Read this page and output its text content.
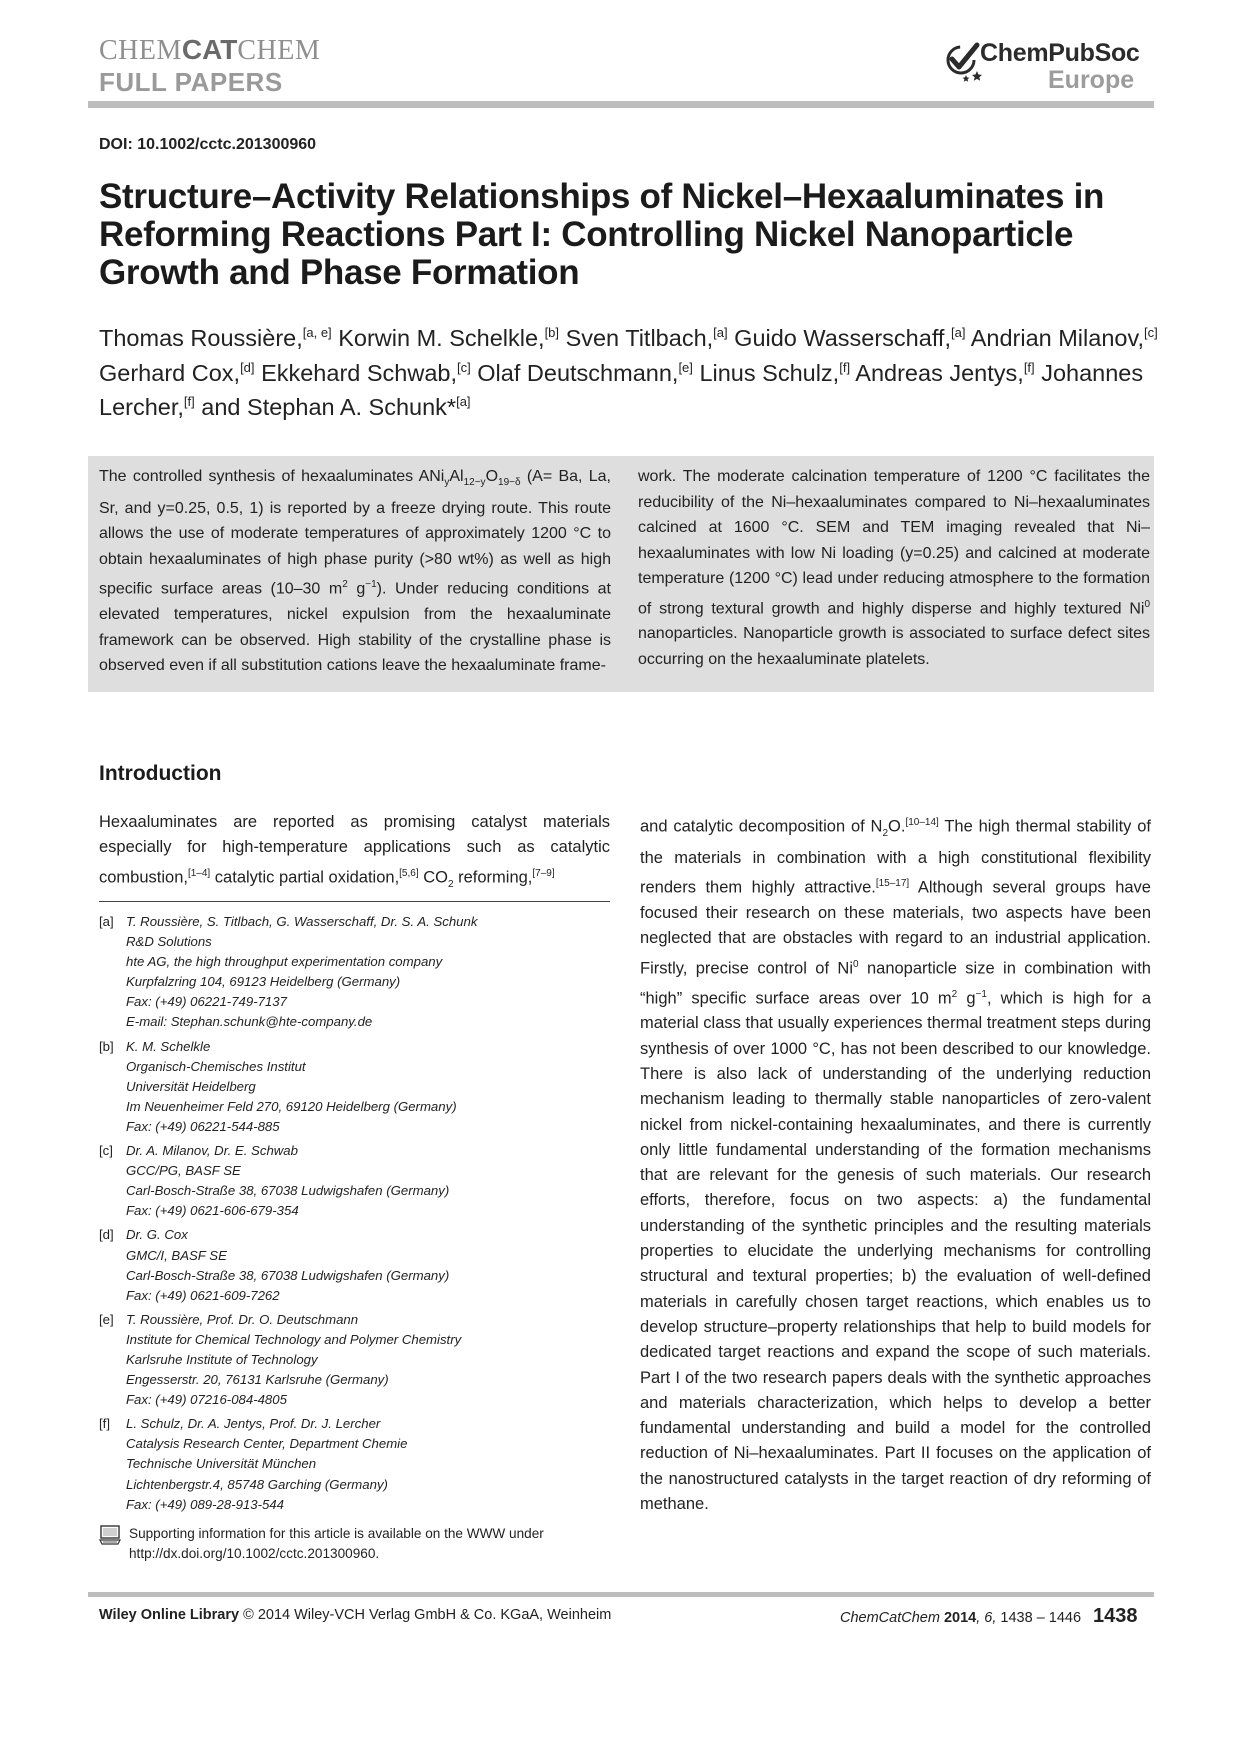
CHEMCATCHEM
FULL PAPERS
ChemPubSoc
Europe
DOI: 10.1002/cctc.201300960
Structure–Activity Relationships of Nickel–Hexaaluminates in Reforming Reactions Part I: Controlling Nickel Nanoparticle Growth and Phase Formation
Thomas Roussière,[a, e] Korwin M. Schelkle,[b] Sven Titlbach,[a] Guido Wasserschaff,[a] Andrian Milanov,[c] Gerhard Cox,[d] Ekkehard Schwab,[c] Olaf Deutschmann,[e] Linus Schulz,[f] Andreas Jentys,[f] Johannes Lercher,[f] and Stephan A. Schunk*[a]
The controlled synthesis of hexaaluminates $ANi_yAl_{12-y}O_{19-\delta}$ (A= Ba, La, Sr, and y=0.25, 0.5, 1) is reported by a freeze drying route. This route allows the use of moderate temperatures of approximately 1200 °C to obtain hexaaluminates of high phase purity (>80 wt%) as well as high specific surface areas (10–30 $m^2$ $g^{-1}$). Under reducing conditions at elevated temperatures, nickel expulsion from the hexaaluminate framework can be observed. High stability of the crystalline phase is observed even if all substitution cations leave the hexaaluminate frame-
work. The moderate calcination temperature of 1200 °C facilitates the reducibility of the Ni–hexaaluminates compared to Ni–hexaaluminates calcined at 1600 °C. SEM and TEM imaging revealed that Ni–hexaaluminates with low Ni loading (y=0.25) and calcined at moderate temperature (1200 °C) lead under reducing atmosphere to the formation of strong textural growth and highly disperse and highly textured Ni$^0$ nanoparticles. Nanoparticle growth is associated to surface defect sites occurring on the hexaaluminate platelets.
Introduction
Hexaaluminates are reported as promising catalyst materials especially for high-temperature applications such as catalytic combustion,[1–4] catalytic partial oxidation,[5,6] $CO_2$ reforming,[7–9]
and catalytic decomposition of $N_2O.[10-14]$ The high thermal stability of the materials in combination with a high constitutional flexibility renders them highly attractive.[15–17] Although several groups have focused their research on these materials, two aspects have been neglected that are obstacles with regard to an industrial application. Firstly, precise control of Ni$^0$ nanoparticle size in combination with “high” specific surface areas over 10 $m^2$ $g^{-1}$, which is high for a material class that usually experiences thermal treatment steps during synthesis of over 1000 °C, has not been described to our knowledge. There is also lack of understanding of the underlying reduction mechanism leading to thermally stable nanoparticles of zero-valent nickel from nickel-containing hexaaluminates, and there is currently only little fundamental understanding of the formation mechanisms that are relevant for the genesis of such materials. Our research efforts, therefore, focus on two aspects: a) the fundamental understanding of the synthetic principles and the resulting materials properties to elucidate the underlying mechanisms for controlling structural and textural properties; b) the evaluation of well-defined materials in carefully chosen target reactions, which enables us to develop structure–property relationships that help to build models for dedicated target reactions and expand the scope of such materials. Part I of the two research papers deals with the synthetic approaches and materials characterization, which helps to develop a better fundamental understanding and build a model for the controlled reduction of Ni–hexaaluminates. Part II focuses on the application of the nanostructured catalysts in the target reaction of dry reforming of methane.
[a] T. Roussière, S. Titlbach, G. Wasserschaff, Dr. S. A. Schunk
R&D Solutions
hte AG, the high throughput experimentation company
Kurpfalzring 104, 69123 Heidelberg (Germany)
Fax: (+49) 06221-749-7137
E-mail: Stephan.schunk@hte-company.de
[b] K. M. Schelkle
Organisch-Chemisches Institut
Universität Heidelberg
Im Neuenheimer Feld 270, 69120 Heidelberg (Germany)
Fax: (+49) 06221-544-885
[c] Dr. A. Milanov, Dr. E. Schwab
GCC/PG, BASF SE
Carl-Bosch-Straße 38, 67038 Ludwigshafen (Germany)
Fax: (+49) 0621-606-679-354
[d] Dr. G. Cox
GMC/I, BASF SE
Carl-Bosch-Straße 38, 67038 Ludwigshafen (Germany)
Fax: (+49) 0621-609-7262
[e] T. Roussière, Prof. Dr. O. Deutschmann
Institute for Chemical Technology and Polymer Chemistry
Karlsruhe Institute of Technology
Engesserstr. 20, 76131 Karlsruhe (Germany)
Fax: (+49) 07216-084-4805
[f]	L. Schulz, Dr. A. Jentys, Prof. Dr. J. Lercher
Catalysis Research Center, Department Chemie
Technische Universität München
Lichtenbergstr.4, 85748 Garching (Germany)
Fax: (+49) 089-28-913-544
Supporting information for this article is available on the WWW under http://dx.doi.org/10.1002/cctc.201300960.
Wiley Online Library © 2014 Wiley-VCH Verlag GmbH & Co. KGaA, Weinheim	ChemCatChem 2014, 6, 1438 – 1446 1438
